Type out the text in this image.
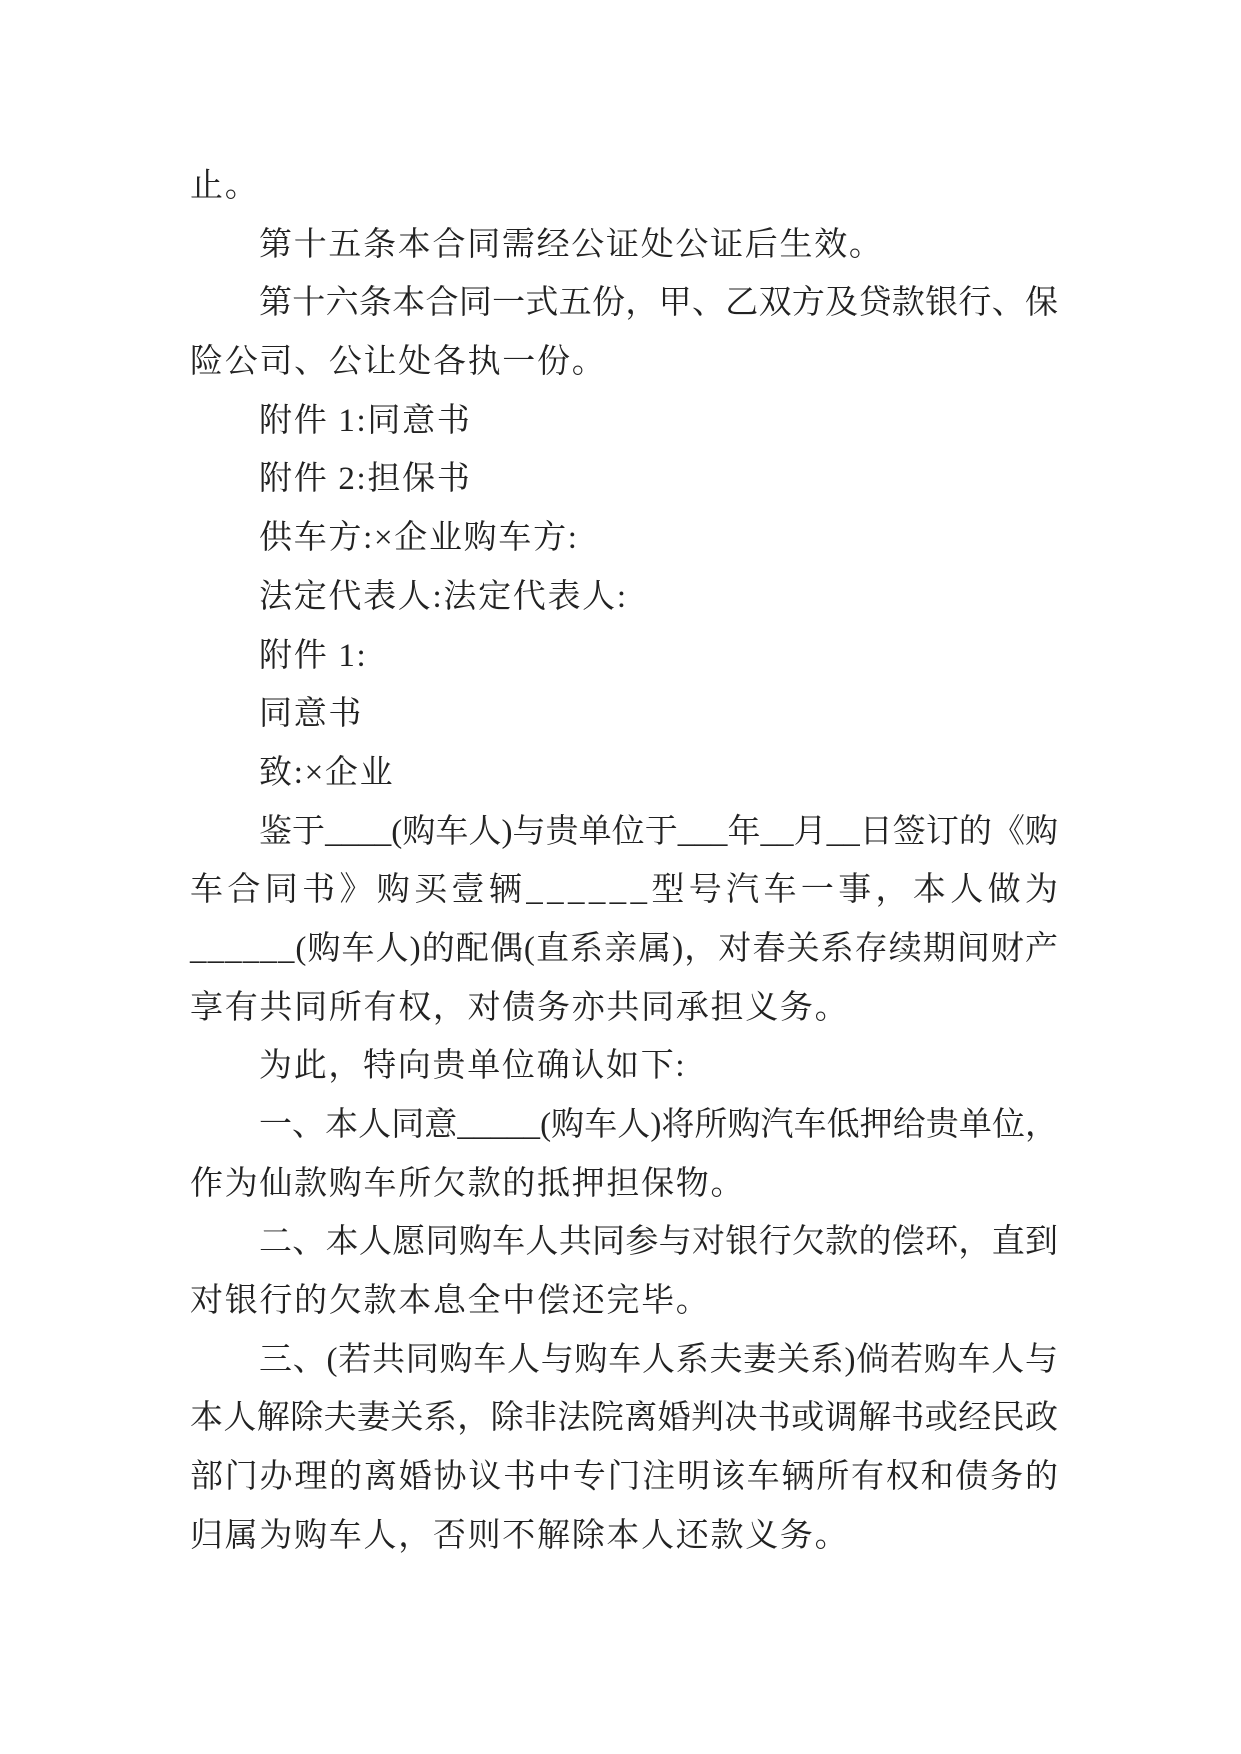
止。

第十五条本合同需经公证处公证后生效。

第十六条本合同一式五份，甲、乙双方及贷款银行、保

险公司、公让处各执一份。

附件 1:同意书

附件 2:担保书

供车方:×企业购车方:

法定代表人:法定代表人:

附件 1:

同意书

致:×企业

鉴于____(购车人)与贵单位于___年__月__日签订的《购

车合同书》购买壹辆______型号汽车一事，本人做为

______(购车人)的配偶(直系亲属)，对春关系存续期间财产

享有共同所有权，对债务亦共同承担义务。

为此，特向贵单位确认如下:

一、本人同意_____(购车人)将所购汽车低押给贵单位，

作为仙款购车所欠款的抵押担保物。

二、本人愿同购车人共同参与对银行欠款的偿环，直到

对银行的欠款本息全中偿还完毕。

三、(若共同购车人与购车人系夫妻关系)倘若购车人与

本人解除夫妻关系，除非法院离婚判决书或调解书或经民政

部门办理的离婚协议书中专门注明该车辆所有权和债务的

归属为购车人，否则不解除本人还款义务。
